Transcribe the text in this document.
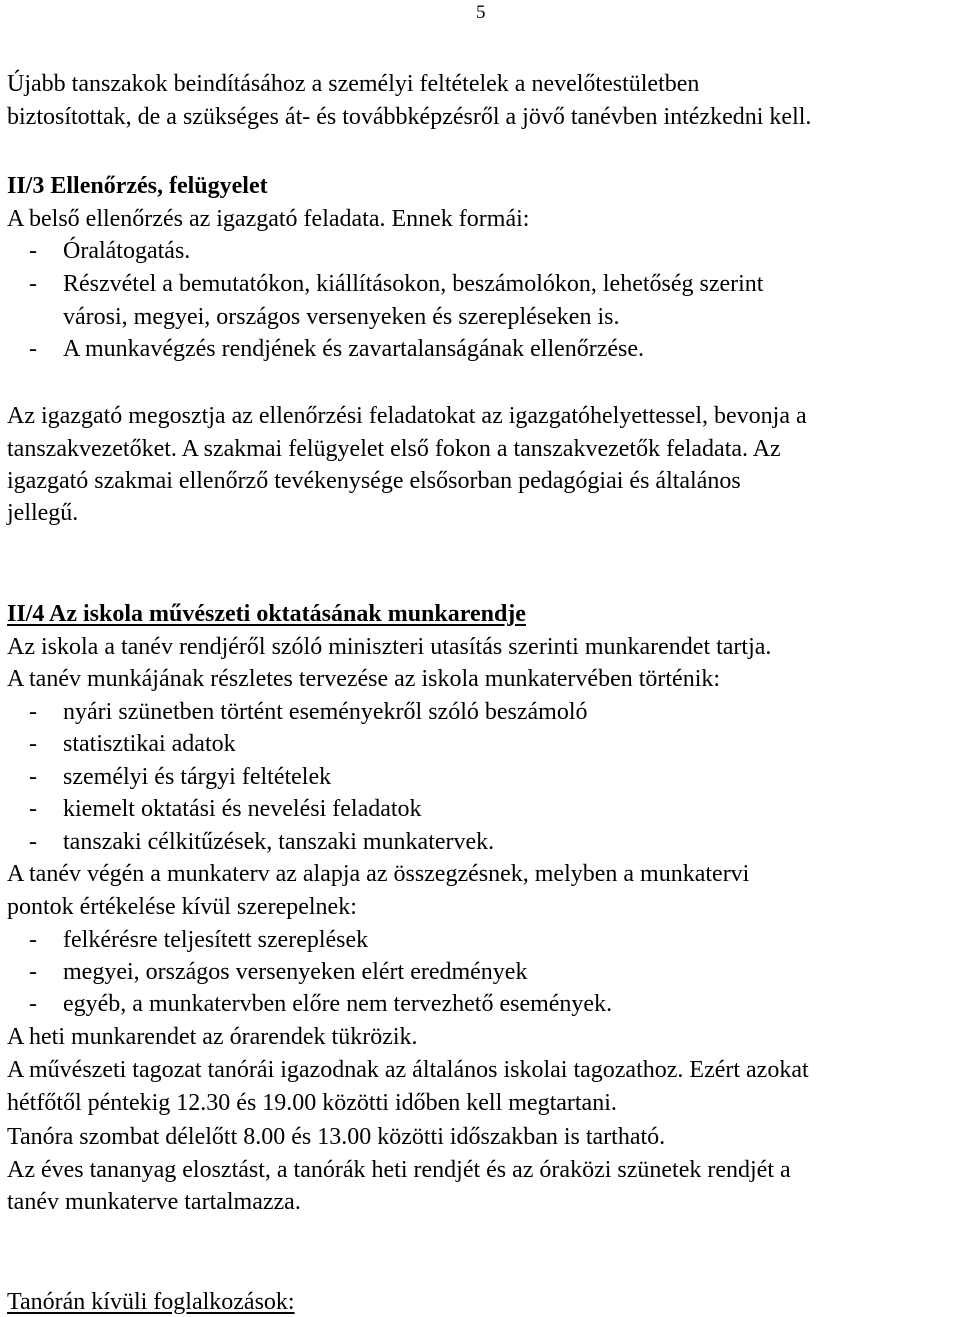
5
Újabb tanszakok beindításához a személyi feltételek a nevelőtestületben
biztosítottak, de a szükséges át- és továbbképzésről a jövő tanévben intézkedni kell.
II/3 Ellenőrzés, felügyelet
A belső ellenőrzés az igazgató feladata. Ennek formái:
- Óralátogatás.
- Részvétel a bemutatókon, kiállításokon, beszámolókon, lehetőség szerint
városi, megyei, országos versenyeken és szerepléseken is.
- A munkavégzés rendjének és zavartalanságának ellenőrzése.
Az igazgató megosztja az ellenőrzési feladatokat az igazgatóhelyettessel, bevonja a
tanszakvezetőket. A szakmai felügyelet első fokon a tanszakvezetők feladata. Az
igazgató szakmai ellenőrző tevékenysége elsősorban pedagógiai és általános
jellegű.
II/4 Az iskola művészeti oktatásának munkarendje
Az iskola a tanév rendjéről szóló miniszteri utasítás szerinti munkarendet tartja.
A tanév munkájának részletes tervezése az iskola munkatervében történik:
- nyári szünetben történt eseményekről szóló beszámoló
- statisztikai adatok
- személyi és tárgyi feltételek
- kiemelt oktatási és nevelési feladatok
- tanszaki célkitűzések, tanszaki munkatervek.
A tanév végén a munkaterv az alapja az összegzésnek, melyben a munkatervi
pontok értékelése kívül szerepelnek:
- felkérésre teljesített szereplések
- megyei, országos versenyeken elért eredmények
- egyéb, a munkatervben előre nem tervezhető események.
A heti munkarendet az órarendek tükrözik.
A művészeti tagozat tanórái igazodnak az általános iskolai tagozathoz. Ezért azokat
hétfőtől péntekig 12.30 és 19.00 közötti időben kell megtartani.
Tanóra szombat délelőtt 8.00 és 13.00 közötti időszakban is tartható.
Az éves tananyag elosztást, a tanórák heti rendjét és az óraközi szünetek rendjét a
tanév munkaterve tartalmazza.
Tanórán kívüli foglalkozások:
